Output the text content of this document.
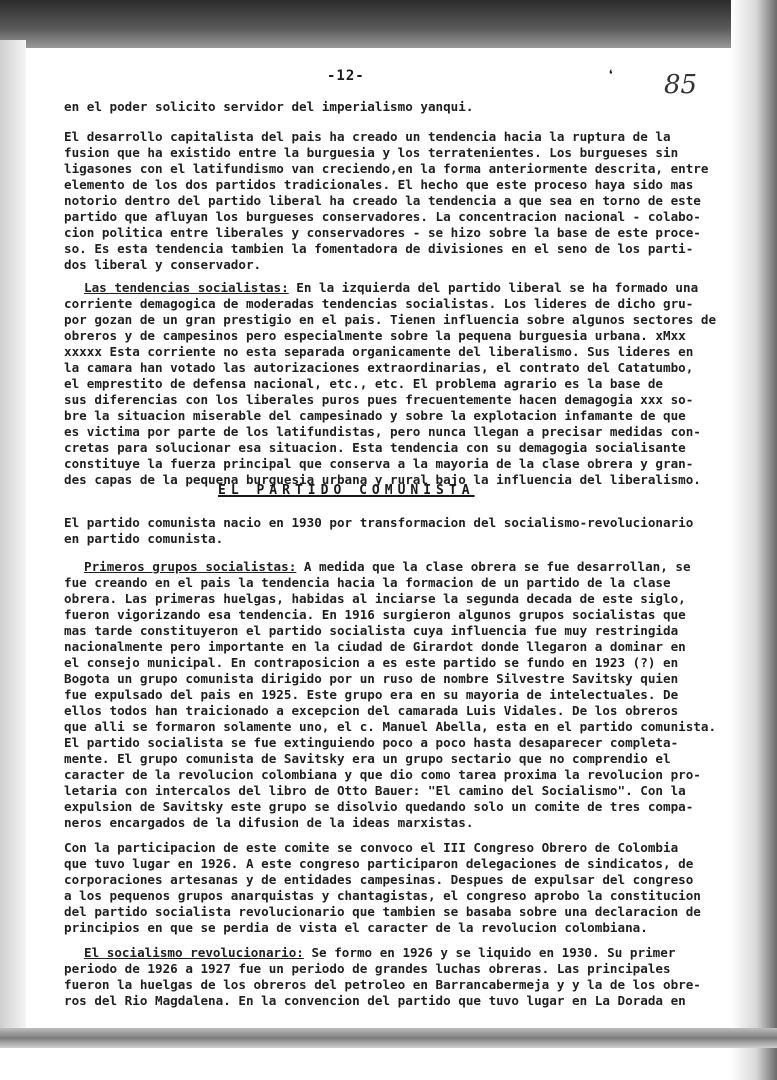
-12-	❛ 85
en el poder solicito servidor del imperialismo yanqui.
El desarrollo capitalista del pais ha creado un tendencia hacia la ruptura de la
fusion que ha existido entre la burguesia y los terratenientes. Los burgueses sin
ligasones con el latifundismo van creciendo,en la forma anteriormente descrita, entre
elemento de los dos partidos tradicionales. El hecho que este proceso haya sido mas
notorio dentro del partido liberal ha creado la tendencia a que sea en torno de este
partido que afluyan los burgueses conservadores. La concentracion nacional - colabo-
cion politica entre liberales y conservadores - se hizo sobre la base de este proce-
so. Es esta tendencia tambien la fomentadora de divisiones en el seno de los parti-
dos liberal y conservador.
Las tendencias socialistas: En la izquierda del partido liberal se ha formado una
corriente demagogica de moderadas tendencias socialistas. Los lideres de dicho gru-
por gozan de un gran prestigio en el pais. Tienen influencia sobre algunos sectores de
obreros y de campesinos pero especialmente sobre la pequena burguesia urbana. xMxx
xxxxx Esta corriente no esta separada organicamente del liberalismo. Sus lideres en
la camara han votado las autorizaciones extraordinarias, el contrato del Catatumbo,
el emprestito de defensa nacional, etc., etc. El problema agrario es la base de
sus diferencias con los liberales puros pues frecuentemente hacen demagogia xxx so-
bre la situacion miserable del campesinado y sobre la explotacion infamante de que
es victima por parte de los latifundistas, pero nunca llegan a precisar medidas con-
cretas para solucionar esa situacion. Esta tendencia con su demagogia socialisante
constituye la fuerza principal que conserva a la mayoria de la clase obrera y gran-
des capas de la pequena burguesia urbana y rural bajo la influencia del liberalismo.
EL PARTIDO COMUNISTA
El partido comunista nacio en 1930 por transformacion del socialismo-revolucionario
en partido comunista.
Primeros grupos socialistas: A medida que la clase obrera se fue desarrollan, se
fue creando en el pais la tendencia hacia la formacion de un partido de la clase
obrera. Las primeras huelgas, habidas al inciarse la segunda decada de este siglo,
fueron vigorizando esa tendencia. En 1916 surgieron algunos grupos socialistas que
mas tarde constituyeron el partido socialista cuya influencia fue muy restringida
nacionalmente pero importante en la ciudad de Girardot donde llegaron a dominar en
el consejo municipal. En contraposicion a es este partido se fundo en 1923 (?) en
Bogota un grupo comunista dirigido por un ruso de nombre Silvestre Savitsky quien
fue expulsado del pais en 1925. Este grupo era en su mayoria de intelectuales. De
ellos todos han traicionado a excepcion del camarada Luis Vidales. De los obreros
que alli se formaron solamente uno, el c. Manuel Abella, esta en el partido comunista.
El partido socialista se fue extinguiendo poco a poco hasta desaparecer completa-
mente. El grupo comunista de Savitsky era un grupo sectario que no comprendio el
caracter de la revolucion colombiana y que dio como tarea proxima la revolucion pro-
letaria con intercalos del libro de Otto Bauer: "El camino del Socialismo". Con la
expulsion de Savitsky este grupo se disolvio quedando solo un comite de tres compa-
neros encargados de la difusion de la ideas marxistas.
Con la participacion de este comite se convoco el III Congreso Obrero de Colombia
que tuvo lugar en 1926. A este congreso participaron delegaciones de sindicatos, de
corporaciones artesanas y de entidades campesinas. Despues de expulsar del congreso
a los pequenos grupos anarquistas y chantagistas, el congreso aprobo la constitucion
del partido socialista revolucionario que tambien se basaba sobre una declaracion de
principios en que se perdia de vista el caracter de la revolucion colombiana.
El socialismo revolucionario: Se formo en 1926 y se liquido en 1930. Su primer
periodo de 1926 a 1927 fue un periodo de grandes luchas obreras. Las principales
fueron la huelgas de los obreros del petroleo en Barrancabermeja y y la de los obre-
ros del Rio Magdalena. En la convencion del partido que tuvo lugar en La Dorada en
